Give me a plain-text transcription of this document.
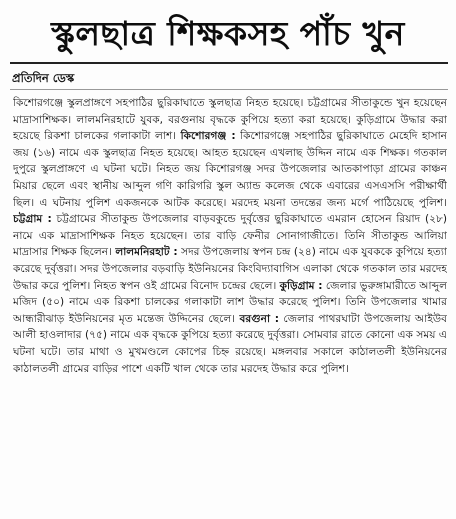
স্কুলছাত্র শিক্ষকসহ পাঁচ খুন
প্রতিদিন ডেস্ক

কিশোরগঞ্জে স্কুলপ্রাঙ্গণে সহপাঠির ছুরিকাঘাতে স্কুলছাত্র নিহত হয়েছে। চট্টগ্রামের সীতাকুন্ডে খুন হয়েছেন মাদ্রাসাশিক্ষক। লালমনিরহাটে যুবক, বরগুনায় বৃদ্ধকে কুপিয়ে হত্যা করা হয়েছে। কুড়িগ্রামে উদ্ধার করা হয়েছে রিকশা চালকের গলাকাটা লাশ। কিশোরগঞ্জ : কিশোরগঞ্জে সহপাঠির ছুরিকাঘাতে মেহেদি হাসান জয় (১৬) নামে এক স্কুলছাত্র নিহত হয়েছে। আহত হয়েছেন এখলাছ উদ্দিন নামে এক শিক্ষক। গতকাল দুপুরে স্কুলপ্রাঙ্গণে এ ঘটনা ঘটে। নিহত জয় কিশোরগঞ্জ সদর উপজেলার আতকাপাড়া গ্রামের কাঞ্চন মিয়ার ছেলে এবং স্থানীয় আব্দুল গণি কারিগরি স্কুল অ্যান্ড কলেজ থেকে এবারের এসএসসি পরীক্ষার্থী ছিল। এ ঘটনায় পুলিশ একজনকে আটক করেছে। মরদেহ ময়না তদন্তের জন্য মর্গে পাঠিয়েছে পুলিশ। চট্টগ্রাম : চট্টগ্রামের সীতাকুন্ড উপজেলার বাড়বকুন্ডে দুর্বৃত্তের ছুরিকাঘাতে এমরান হোসেন রিয়াদ (২৮) নামে এক মাদ্রাসাশিক্ষক নিহত হয়েছেন। তার বাড়ি ফেনীর সোনাগাজীতে। তিনি সীতাকুন্ড আলিয়া মাদ্রাসার শিক্ষক ছিলেন। লালমনিরহাট : সদর উপজেলায় স্বপন চন্দ্র (২৪) নামে এক যুবককে কুপিয়ে হত্যা করেছে দুর্বৃত্তরা। সদর উপজেলার বড়বাড়ি ইউনিয়নের কিংবিদ্যাবাগিস এলাকা থেকে গতকাল তার মরদেহ উদ্ধার করে পুলিশ। নিহত স্বপন ওই গ্রামের বিনোদ চন্দ্রের ছেলে। কুড়িগ্রাম : জেলার ভুরুঙ্গামারীতে আব্দুল মজিদ (৫০) নামে এক রিকশা চালকের গলাকাটা লাশ উদ্ধার করেছে পুলিশ। তিনি উপজেলার খামার আন্ধারীঝাড় ইউনিয়নের মৃত মন্তেজ উদ্দিনের ছেলে। বরগুনা : জেলার পাথরঘাটা উপজেলায় আইউব আলী হাওলাদার (৭৫) নামে এক বৃদ্ধকে কুপিয়ে হত্যা করেছে দুর্বৃত্তরা। সোমবার রাতে কোনো এক সময় এ ঘটনা ঘটে। তার মাথা ও মুখমণ্ডলে কোপের চিহ্ন রয়েছে। মঙ্গলবার সকালে কাঠালতলী ইউনিয়নের কাঠালতলী গ্রামের বাড়ির পাশে একটি খাল থেকে তার মরদেহ উদ্ধার করে পুলিশ।
